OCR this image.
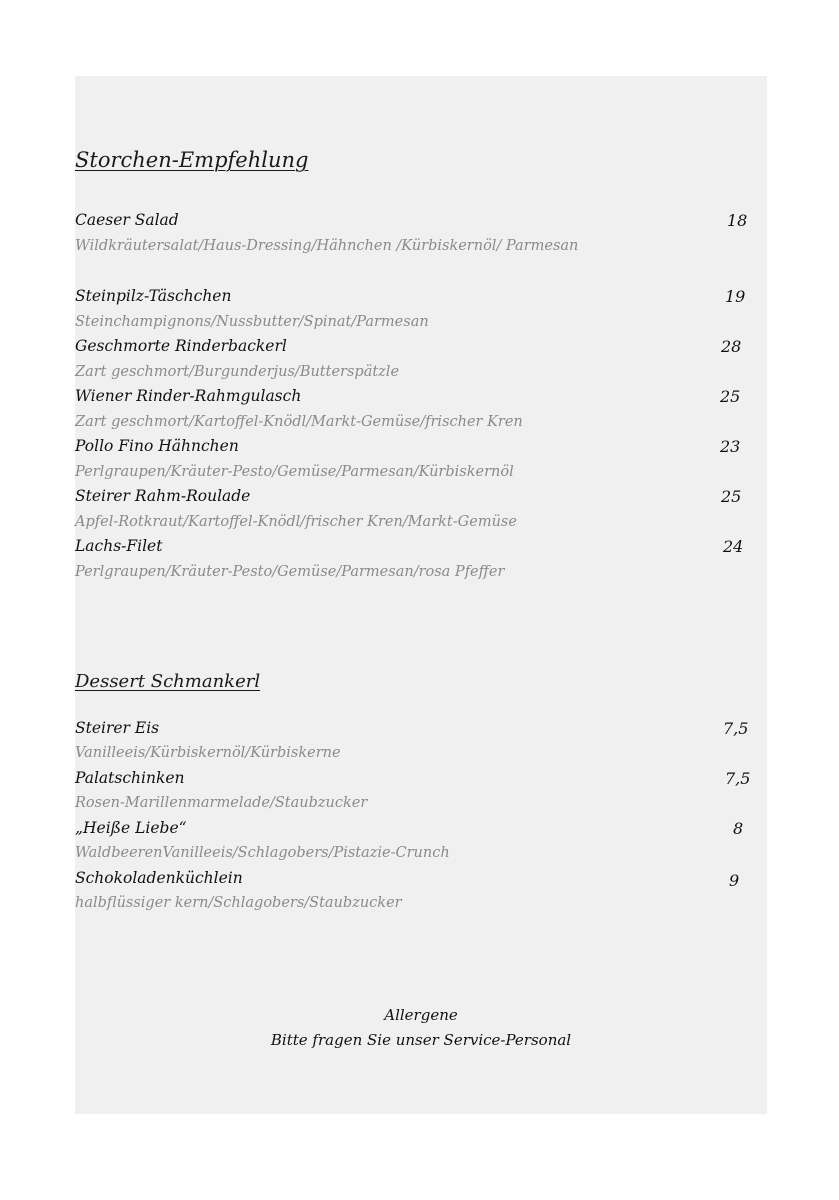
Storchen-Empfehlung
Caeser Salad	18
Wildkräutersalat/Haus-Dressing/Hähnchen /Kürbiskernöl/ Parmesan
Steinpilz-Täschchen	19
Steinchampignons/Nussbutter/Spinat/Parmesan
Geschmorte Rinderbackerl	28
Zart geschmort/Burgunderjus/Butterspätzle
Wiener Rinder-Rahmgulasch	25
Zart geschmort/Kartoffel-Knödl/Markt-Gemüse/frischer Kren
Pollo Fino Hähnchen	23
Perlgraupen/Kräuter-Pesto/Gemüse/Parmesan/Kürbiskernöl
Steirer Rahm-Roulade	25
Apfel-Rotkraut/Kartoffel-Knödl/frischer Kren/Markt-Gemüse
Lachs-Filet	24
Perlgraupen/Kräuter-Pesto/Gemüse/Parmesan/rosa Pfeffer
Dessert Schmankerl
Steirer Eis	7,5
Vanilleeis/Kürbiskernöl/Kürbiskerne
Palatschinken	7,5
Rosen-Marillenmarmelade/Staubzucker
„Heiße Liebe“	8
WaldbeerenVanilleeis/Schlagobers/Pistazie-Crunch
Schokoladenküchlein	9
halbflüssiger kern/Schlagobers/Staubzucker
Allergene
Bitte fragen Sie unser Service-Personal
